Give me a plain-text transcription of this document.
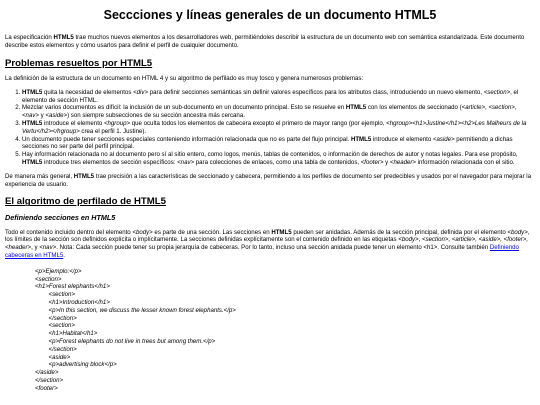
Seccciones y líneas generales de un documento HTML5

La especificación HTML5 trae muchos nuevos elementos a los desarrolladores web, permitiéndoles describir la estructura de un documento web con semántica estandarizada. Este documento describe estos elementos y cómo usarlos para definir el perfil de cualquier documento.

Problemas resueltos por HTML5

La definición de la estructura de un documento en HTML 4 y su algoritmo de perfilado es muy tosco y genera numerosos problemas:

1. HTML5 quita la necesidad de elementos <div> para definir secciones semánticas sin definir valores específicos para los atributos class, introduciendo un nuevo elemento, <section>, el elemento de sección HTML.
2. Mezclar varios documentos es difícil: la inclusión de un sub-documento en un documento principal. Esto se resuelve en HTML5 con los elementos de seccionado (<article>, <section>, <nav> y <aside>) son siempre subsecciones de su sección ancestra más cercana.
3. HTML5 introduce el elemento <hgroup> que oculta todos los elementos de cabecera excepto el primero de mayor rango (por ejemplo, <hgroup><h1>Justine</h1><h2>Les Malheurs de la Vertu</h2></hgroup> crea el perfil 1. Justine).
4. Un documento puede tener secciones especiales conteniendo información relacionada que no es parte del flujo principal. HTML5 introduce el elemento <aside> permitiendo a dichas secciones no ser parte del perfil principal.
5. Hay información relacionada no al documento pero sí al sitio entero, como logos, menús, tablas de contenidos, o información de derechos de autor y notas legales. Para ese propósito, HTML5 introduce tres elementos de sección específicos: <nav> para colecciones de enlaces, como una tabla de contenidos, <footer> y <header> información relacionada con el sitio.

De manera más general, HTML5 trae precisión a las características de seccionado y cabecera, permitiendo a los perfiles de documento ser predecibles y usados por el navegador para mejorar la experiencia de usuario.

El algoritmo de perfilado de HTML5
Definiendo secciones en HTML5

Todo el contenido incluido dentro del elemento <body> es parte de una sección. Las secciones en HTML5 pueden ser anidadas. Además de la sección principal, definida por el elemento <body>, los límites de la sección son definidos explícita o implícitamente. La secciones definidas explícitamente son el contenido definido en las etiquetas <body>, <section>, <article>, <aside>, <footer>, <header>, y <nav>. Nota: Cada sección puede tener su propia jerarquía de cabeceras. Por lo tanto, incluso una sección anidada puede tener un elemento <h1>. Consulte también Definiendo cabeceras en HTML5.

<p>Ejemplo:</p>
<section>
<h1>Forest elephants</h1>
<section>
<h1>Introduction</h1>
<p>In this section, we discuss the lesser known forest elephants.</p>
</section>
<section>
<h1>Habitat</h1>
<p>Forest elephants do not live in trees but among them.</p>
</section>
<aside>
<p>advertising block</p>
</aside>
</section>
<footer>
